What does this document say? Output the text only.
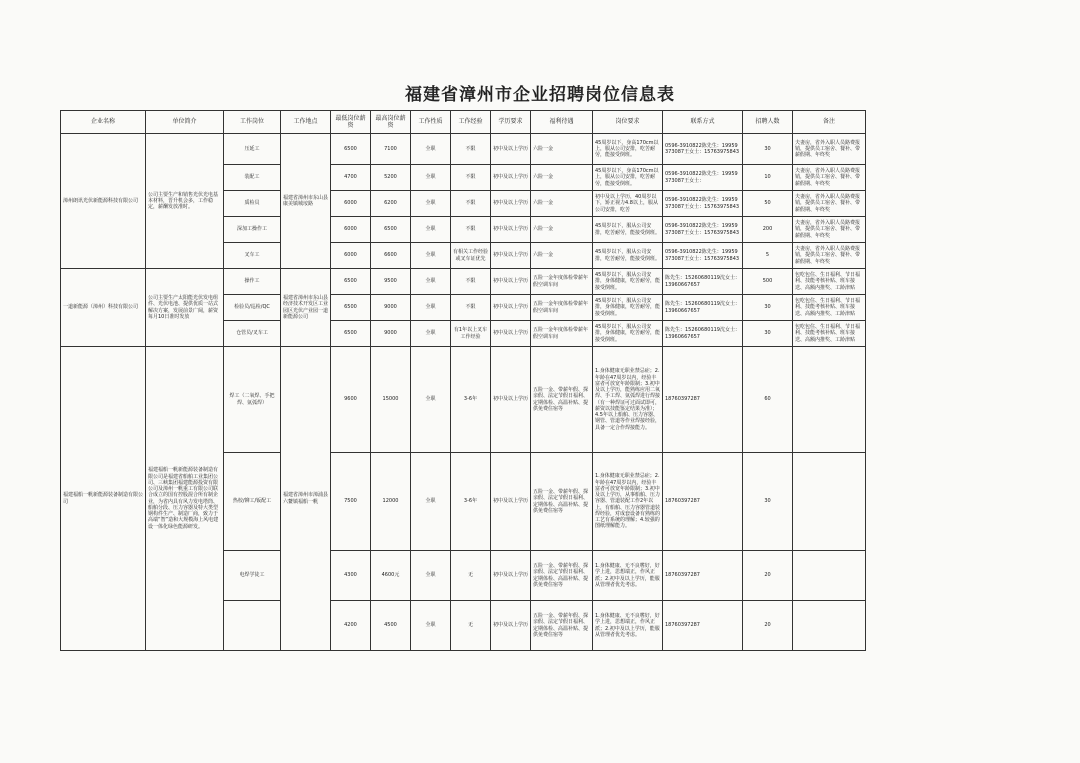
福建省漳州市企业招聘岗位信息表
企业名称	单位简介	工作岗位	工作地点	最低岗位薪资	最高岗位薪资	工作性质	工作经验	学历要求	福利待遇	岗位要求	联系方式	招聘人数	备注
漳州朗讯光伏新能源科技有限公司	公司主要生产和销售光伏光电基本材料，晋升机会多，工作稳定，薪酬发放准时。	压延工	福建省漳州市东山县康美镇城垵路	6500	7100	全职	不限	初中及以上学历	六险一金	45周岁以下，身高170cm以上，服从公司安排，吃苦耐劳，能接受倒班。	0596-3910822陈先生：19959373087王女士：15763975843	30	夫妻房，省外入职人员路费报销，提供员工宿舍、餐补、带薪假期、年终奖
		装配工		4700	5200	全职	不限	初中及以上学历	六险一金	45周岁以下，身高170cm以上，服从公司安排，吃苦耐劳，能接受倒班。	0596-3910822陈先生：19959373087王女士：	10	夫妻房，省外入职人员路费报销，提供员工宿舍、餐补、带薪假期、年终奖
		质检员		6000	6200	全职	不限	初中及以上学历	六险一金	初中及以上学历，40周岁以下，矫正视力4.8以上，服从公司安排，吃苦	0596-3910822陈先生：19959373087王女士：15763975843	50	夫妻房，省外入职人员路费报销，提供员工宿舍、餐补、带薪假期、年终奖
		深加工操作工		6000	6500	全职	不限	初中及以上学历	六险一金	45周岁以下，服从公司安排，吃苦耐劳，能接受倒班。	0596-3910822陈先生：19959373087王女士：15763975843	200	夫妻房，省外入职人员路费报销，提供员工宿舍、餐补、带薪假期、年终奖
		叉车工		6000	6600	全职	有相关工作经验或叉车证优先	初中及以上学历	六险一金	45周岁以下，服从公司安排，吃苦耐劳，能接受倒班。	0596-3910822陈先生：19959373087王女士：15763975843	5	夫妻房，省外入职人员路费报销，提供员工宿舍、餐补、带薪假期、年终奖
一道新能源（漳州）科技有限公司	公司主要生产太阳能光伏发电组件、光伏电池、提供优质一站式解决方案，发展前景广阔，薪资每月10日准时发放	操作工	福建省漳州市东山县经济技术开发区工业园区光伏产业园一道新能源公司	6500	9500	全职	不限	初中及以上学历	五险一金年度体检带薪年假空调车间	45周岁以下，服从公司安排，身体健康，吃苦耐劳，能接受倒班。	陈先生：15260680119沈女士：13960667657	500	包吃包住、生日福利、节日福利、技能考核补贴、班车接送、高额内推奖、工龄津贴
		检验员/巡检/QC		6500	9000	全职	不限	初中及以上学历	五险一金年度体检带薪年假空调车间	45周岁以下，服从公司安排，身体健康，吃苦耐劳，能接受倒班。	陈先生：15260680119沈女士：13960667657	30	包吃包住、生日福利、节日福利、技能考核补贴、班车接送、高额内推奖、工龄津贴
		仓管员/叉车工		6500	9000	全职	有1年以上叉车工作经验	初中及以上学历	五险一金年度体检带薪年假空调车间	45周岁以下，服从公司安排，身体健康，吃苦耐劳，能接受倒班。	陈先生：15260680119沈女士：13960667657	30	包吃包住、生日福利、节日福利、技能考核补贴、班车接送、高额内推奖、工龄津贴
福建福船一帆新能源装备制造有限公司	福建福船一帆新能源装备制造有限公司是福建省船舶工业集团公司、三峡集团福建能源投资有限公司及漳州一帆重工有限公司联合成立的国有控股混合所有制企业，为省内具有风力发电塔筒、船舶分段、压力容器及特大类型钢构件生产、制造厂商，致力于高端“智”造和大规模海上风电建设一体化绿色能源研发。	焊工（二氧焊、手把焊、氩弧焊）	福建省漳州市漳浦县六鳌镇福船一帆	9600	15000	全职	3-6年	初中及以上学历	五险一金、带薪年假、探亲假、法定节假日福利、定期体检、高温补贴、提供免费住宿等	1.身体健康无职业禁忌症；2.年龄在47周岁以内，经验丰富者可放宽年龄限制；3.初中及以上学历，能熟练应用二氧焊、手工焊、氩弧焊进行焊接（有一种焊证可过面试即可，薪资以技能鉴定结果为准）；4.5年以上船舶、压力容器、钢管、管道等作业焊接经验，具备一定合作焊接能力。	18760397287	60	
		热校/铆工/钣配工		7500	12000	全职	3-6年	初中及以上学历	五险一金、带薪年假、探亲假、法定节假日福利、定期体检、高温补贴、提供免费住宿等	1.身体健康无职业禁忌症；2.年龄在47周岁以内，经验丰富者可放宽年龄限制；3.初中及以上学历，从事船舶、压力容器、管道装配工作2年以上，有船舶、压力容器管道装焊经验，对成套设备有熟练的工艺有系统的理解；4.较强的图纸理解能力。	18760397287	30	
		电焊学徒工		4300	4600元	全职	无	初中及以上学历	五险一金、带薪年假、探亲假、法定节假日福利、定期体检、高温补贴、提供免费住宿等	1.身体健康、无不良嗜好，好学上进，思想端正，作风正派；2.初中及以上学历，能服从管理者优先考虑。	18760397287	20	
				4200	4500	全职	无	初中及以上学历	五险一金、带薪年假、探亲假、法定节假日福利、定期体检、高温补贴、提供免费住宿等	1.身体健康、无不良嗜好，好学上进，思想端正，作风正派；2.初中及以上学历，能服从管理者优先考虑。	18760397287	20	
